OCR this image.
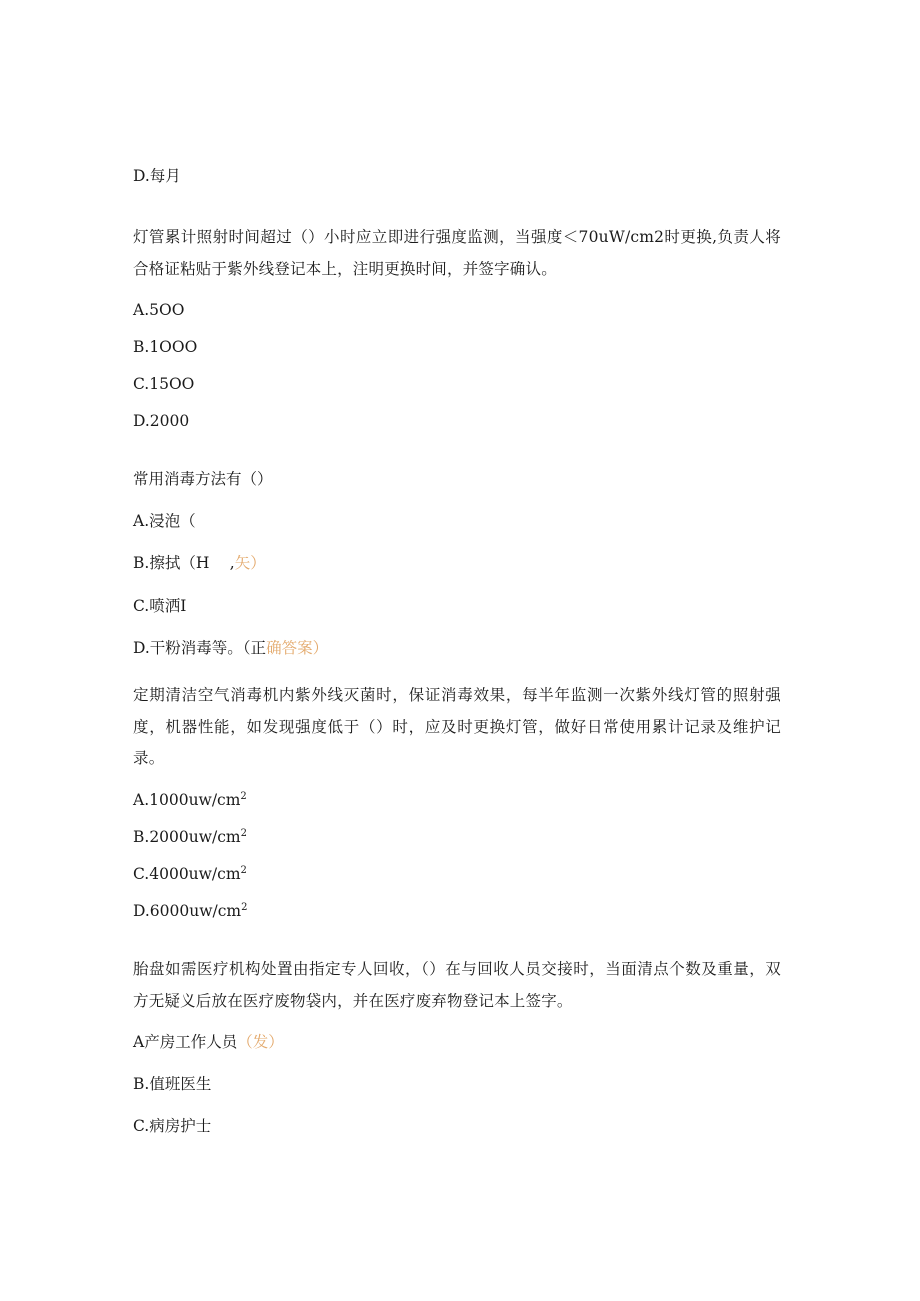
D.每月
灯管累计照射时间超过（）小时应立即进行强度监测，当强度＜70uW/cm2时更换,负责人将合格证粘贴于紫外线登记本上，注明更换时间，并签字确认。
A.5OO
B.1OOO
C.15OO
D.2000
常用消毒方法有（）
A.浸泡（
B.擦拭（H　 ,矢）
C.喷洒I
D.干粉消毒等。（正确答案）
定期清洁空气消毒机内紫外线灭菌时，保证消毒效果，每半年监测一次紫外线灯管的照射强度，机器性能，如发现强度低于（）时，应及时更换灯管，做好日常使用累计记录及维护记录。
$A.1000uw/cm^2$
$B.2000uw/cm^2$
$C.4000uw/cm^2$
$D.6000uw/cm^2$
胎盘如需医疗机构处置由指定专人回收，（）在与回收人员交接时，当面清点个数及重量，双方无疑义后放在医疗废物袋内，并在医疗废弃物登记本上签字。
A产房工作人员（发）
B.值班医生
C.病房护士
